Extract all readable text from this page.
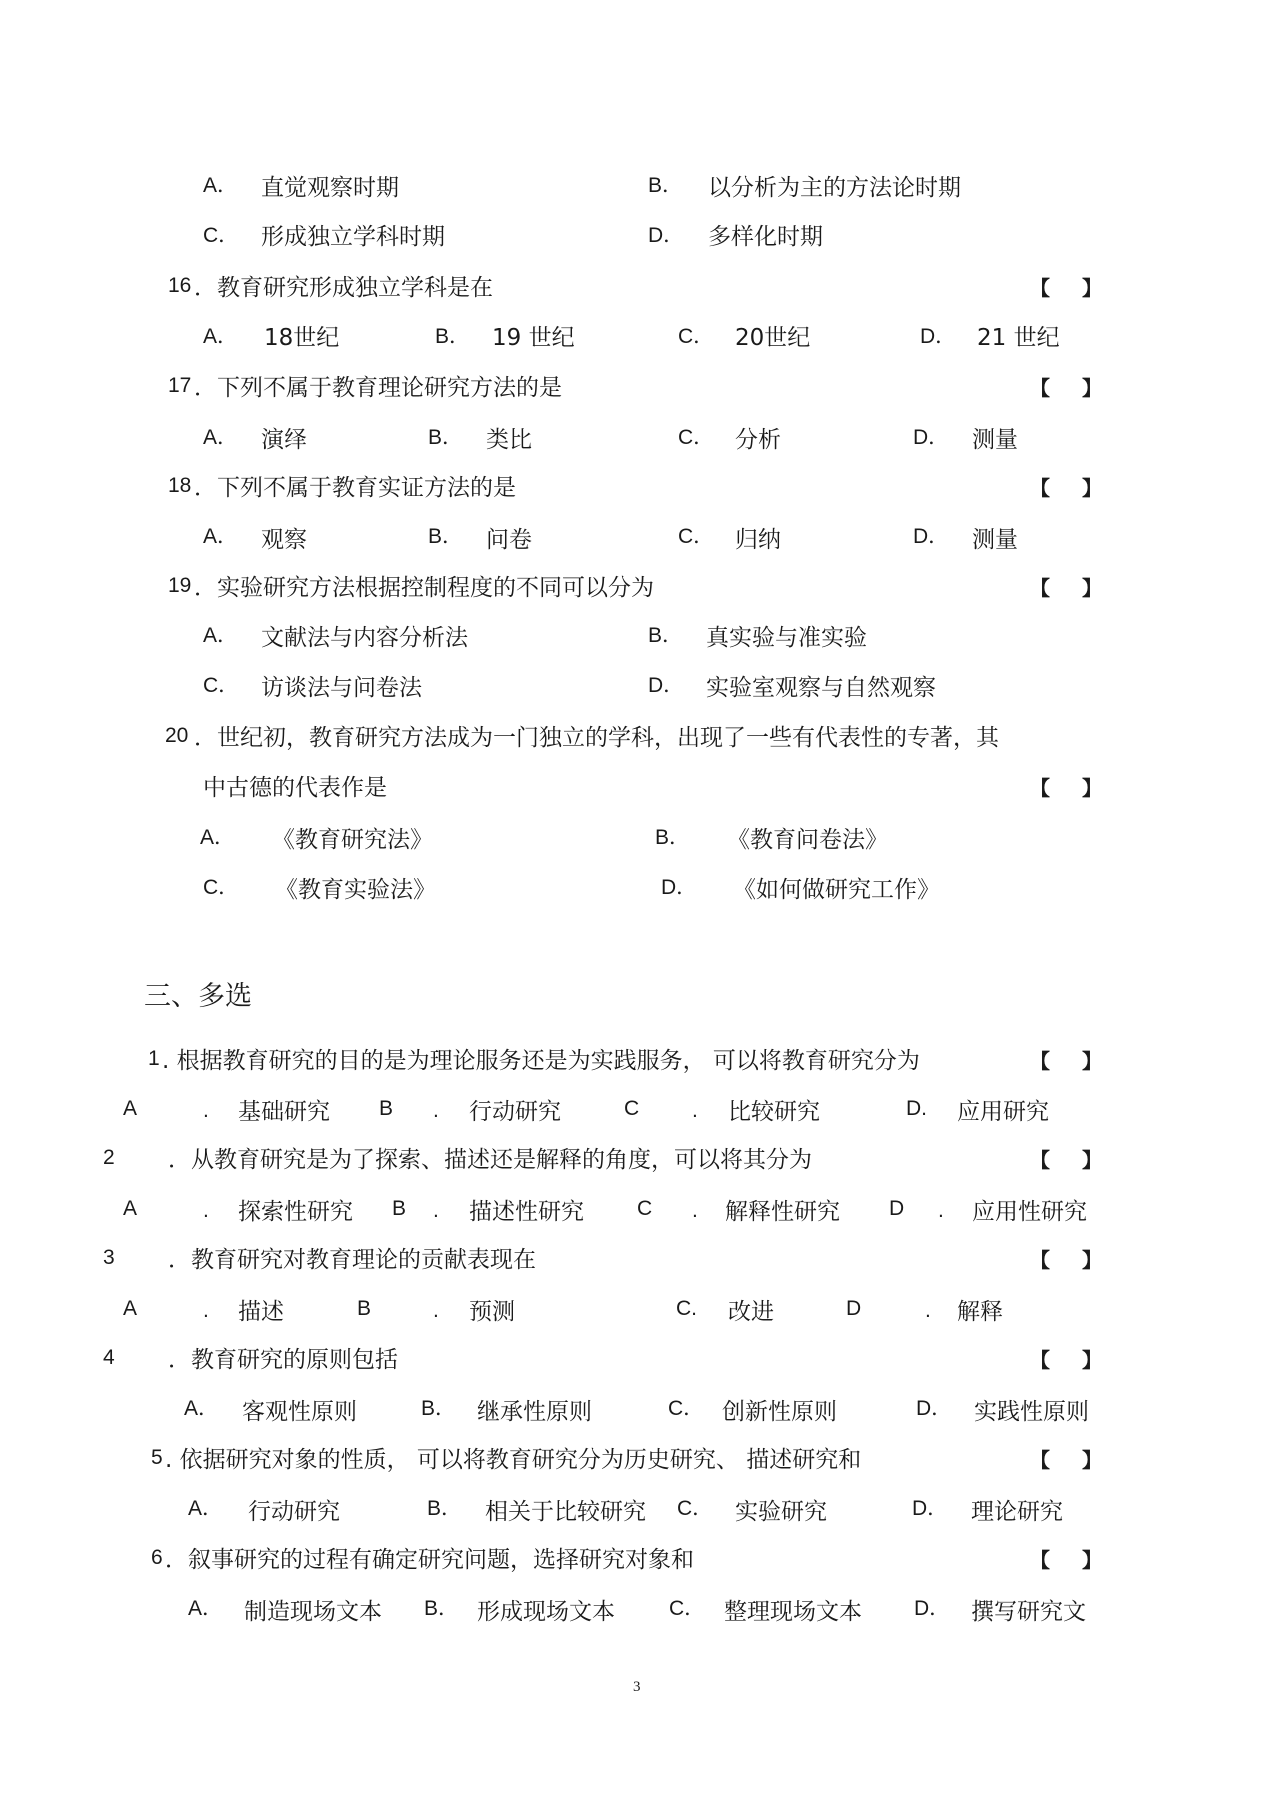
A． 直觉观察时期	B． 以分析为主的方法论时期
C． 形成独立学科时期	D． 多样化时期
16 ．教育研究形成独立学科是在	【 】
A． 18世纪	B． 19 世纪	C． 20世纪	D． 21 世纪
17 ．下列不属于教育理论研究方法的是	【 】
A． 演绎	B． 类比	C． 分析	D． 测量
18 ．下列不属于教育实证方法的是	【 】
A． 观察	B． 问卷	C． 归纳	D． 测量
19 ．实验研究方法根据控制程度的不同可以分为	【 】
A． 文献法与内容分析法	B． 真实验与准实验
C． 访谈法与问卷法	D． 实验室观察与自然观察
20 ．世纪初，教育研究方法成为一门独立的学科，出现了一些有代表性的专著，其
中古德的代表作是	【 】
A． 《教育研究法》	B． 《教育问卷法》
C． 《教育实验法》	D． 《如何做研究工作》
三、多选
1 . 根据教育研究的目的是为理论服务还是为实践服务， 可以将教育研究分为	【 】
A	. 基础研究 B . 行动研究	C	. 比较研究	D. 应用研究
2 ．从教育研究是为了探索、描述还是解释的角度，可以将其分为	【 】
A	. 探索性研究 B . 描述性研究	C . 解释性研究 D . 应用性研究
3 ．教育研究对教育理论的贡献表现在	【 】
A	. 描述	B	. 预测	C. 改进	D	. 解释
4 ．教育研究的原则包括	【 】
A． 客观性原则	B． 继承性原则	C． 创新性原则	D． 实践性原则
5 . 依据研究对象的性质， 可以将教育研究分为历史研究、 描述研究和	【 】
A． 行动研究	B． 相关于比较研究 C． 实验研究	D． 理论研究
6 ．叙事研究的过程有确定研究问题，选择研究对象和	【 】
A． 制造现场文本 B． 形成现场文本	C． 整理现场文本 D． 撰写研究文
3
